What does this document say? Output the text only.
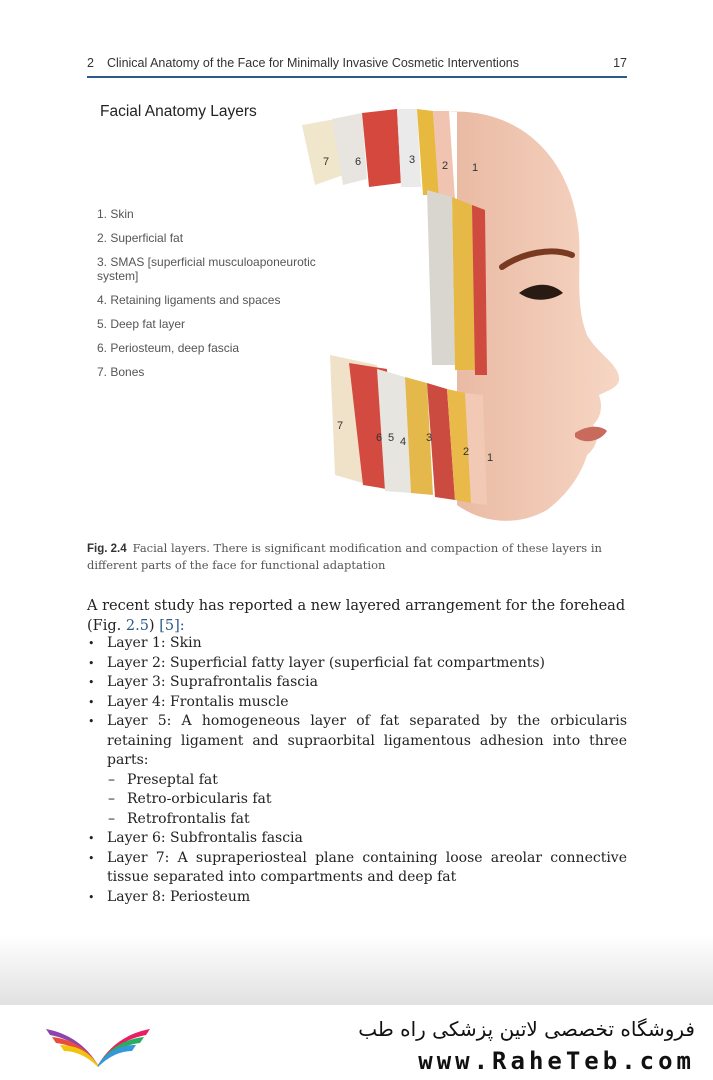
2 Clinical Anatomy of the Face for Minimally Invasive Cosmetic Interventions	17
7 6	3 2 1
7
6 5 4 3
2 1
Facial Anatomy Layers
1. Skin
2. Superficial fat
3. SMAS [superficial musculoaponeurotic system]
4. Retaining ligaments and spaces
5. Deep fat layer
6. Periosteum, deep fascia
7. Bones
Fig. 2.4 Facial layers. There is significant modification and compaction of these layers in different parts of the face for functional adaptation
A recent study has reported a new layered arrangement for the forehead (Fig. 2.5) [5]:
• Layer 1: Skin
• Layer 2: Superficial fatty layer (superficial fat compartments)
• Layer 3: Suprafrontalis fascia
• Layer 4: Frontalis muscle
• Layer 5: A homogeneous layer of fat separated by the orbicularis retaining ligament and supraorbital ligamentous adhesion into three parts:
– Preseptal fat
– Retro-orbicularis fat
– Retrofrontalis fat
• Layer 6: Subfrontalis fascia
• Layer 7: A supraperiosteal plane containing loose areolar connective tissue separated into compartments and deep fat
• Layer 8: Periosteum
فروشگاه تخصصی لاتین پزشکی راه طب
www.RaheTeb.com
